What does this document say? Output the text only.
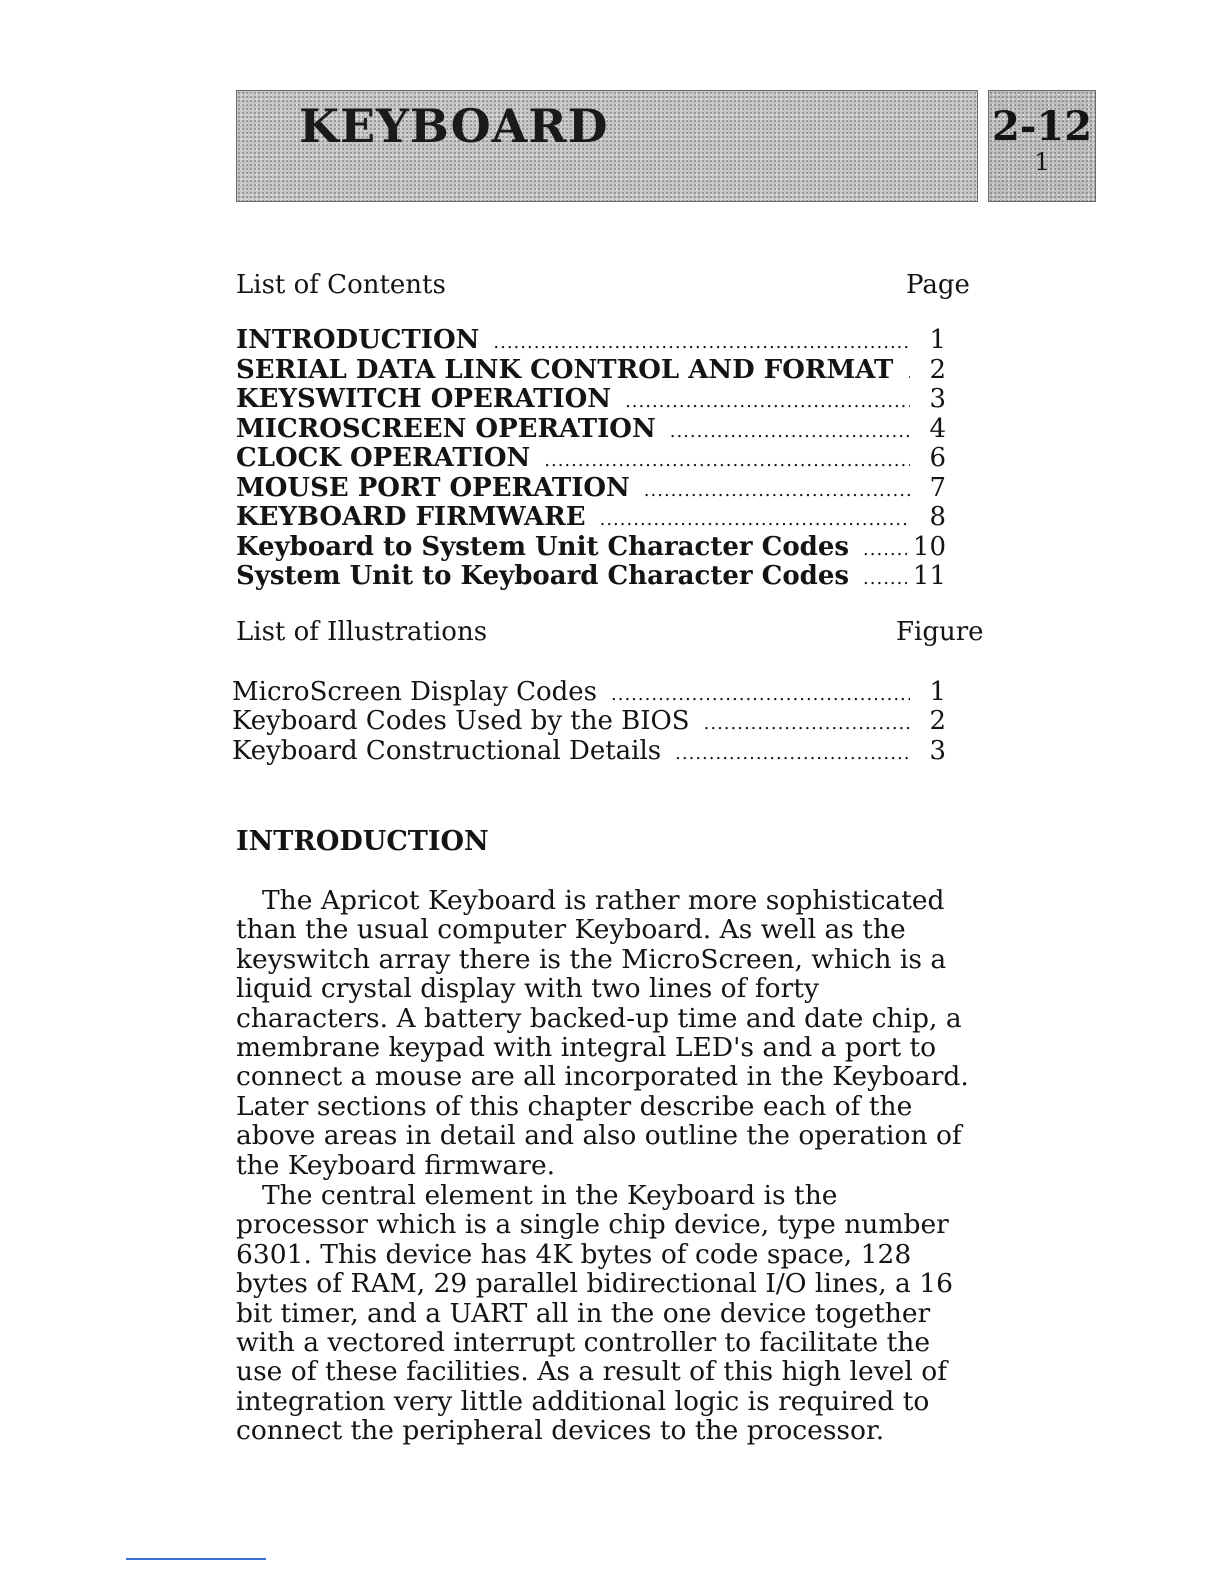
KEYBOARD	2-12
1
List of Contents	Page
INTRODUCTION .....	1
SERIAL DATA LINK CONTROL AND FORMAT .....	2
KEYSWITCH OPERATION .....	3
MICROSCREEN OPERATION .....	4
CLOCK OPERATION .....	6
MOUSE PORT OPERATION .....	7
KEYBOARD FIRMWARE .....	8
Keyboard to System Unit Character Codes ..... 10
System Unit to Keyboard Character Codes ..... 11
List of Illustrations	Figure
MicroScreen Display Codes .....	1
Keyboard Codes Used by the BIOS .....	2
Keyboard Constructional Details .....	3
INTRODUCTION

The Apricot Keyboard is rather more sophisticated than the usual computer Keyboard. As well as the keyswitch array there is the MicroScreen, which is a liquid crystal display with two lines of forty characters. A battery backed-up time and date chip, a membrane keypad with integral LED's and a port to connect a mouse are all incorporated in the Keyboard. Later sections of this chapter describe each of the above areas in detail and also outline the operation of the Keyboard firmware.

The central element in the Keyboard is the processor which is a single chip device, type number 6301. This device has 4K bytes of code space, 128 bytes of RAM, 29 parallel bidirectional I/O lines, a 16 bit timer, and a UART all in the one device together with a vectored interrupt controller to facilitate the use of these facilities. As a result of this high level of integration very little additional logic is required to connect the peripheral devices to the processor.
